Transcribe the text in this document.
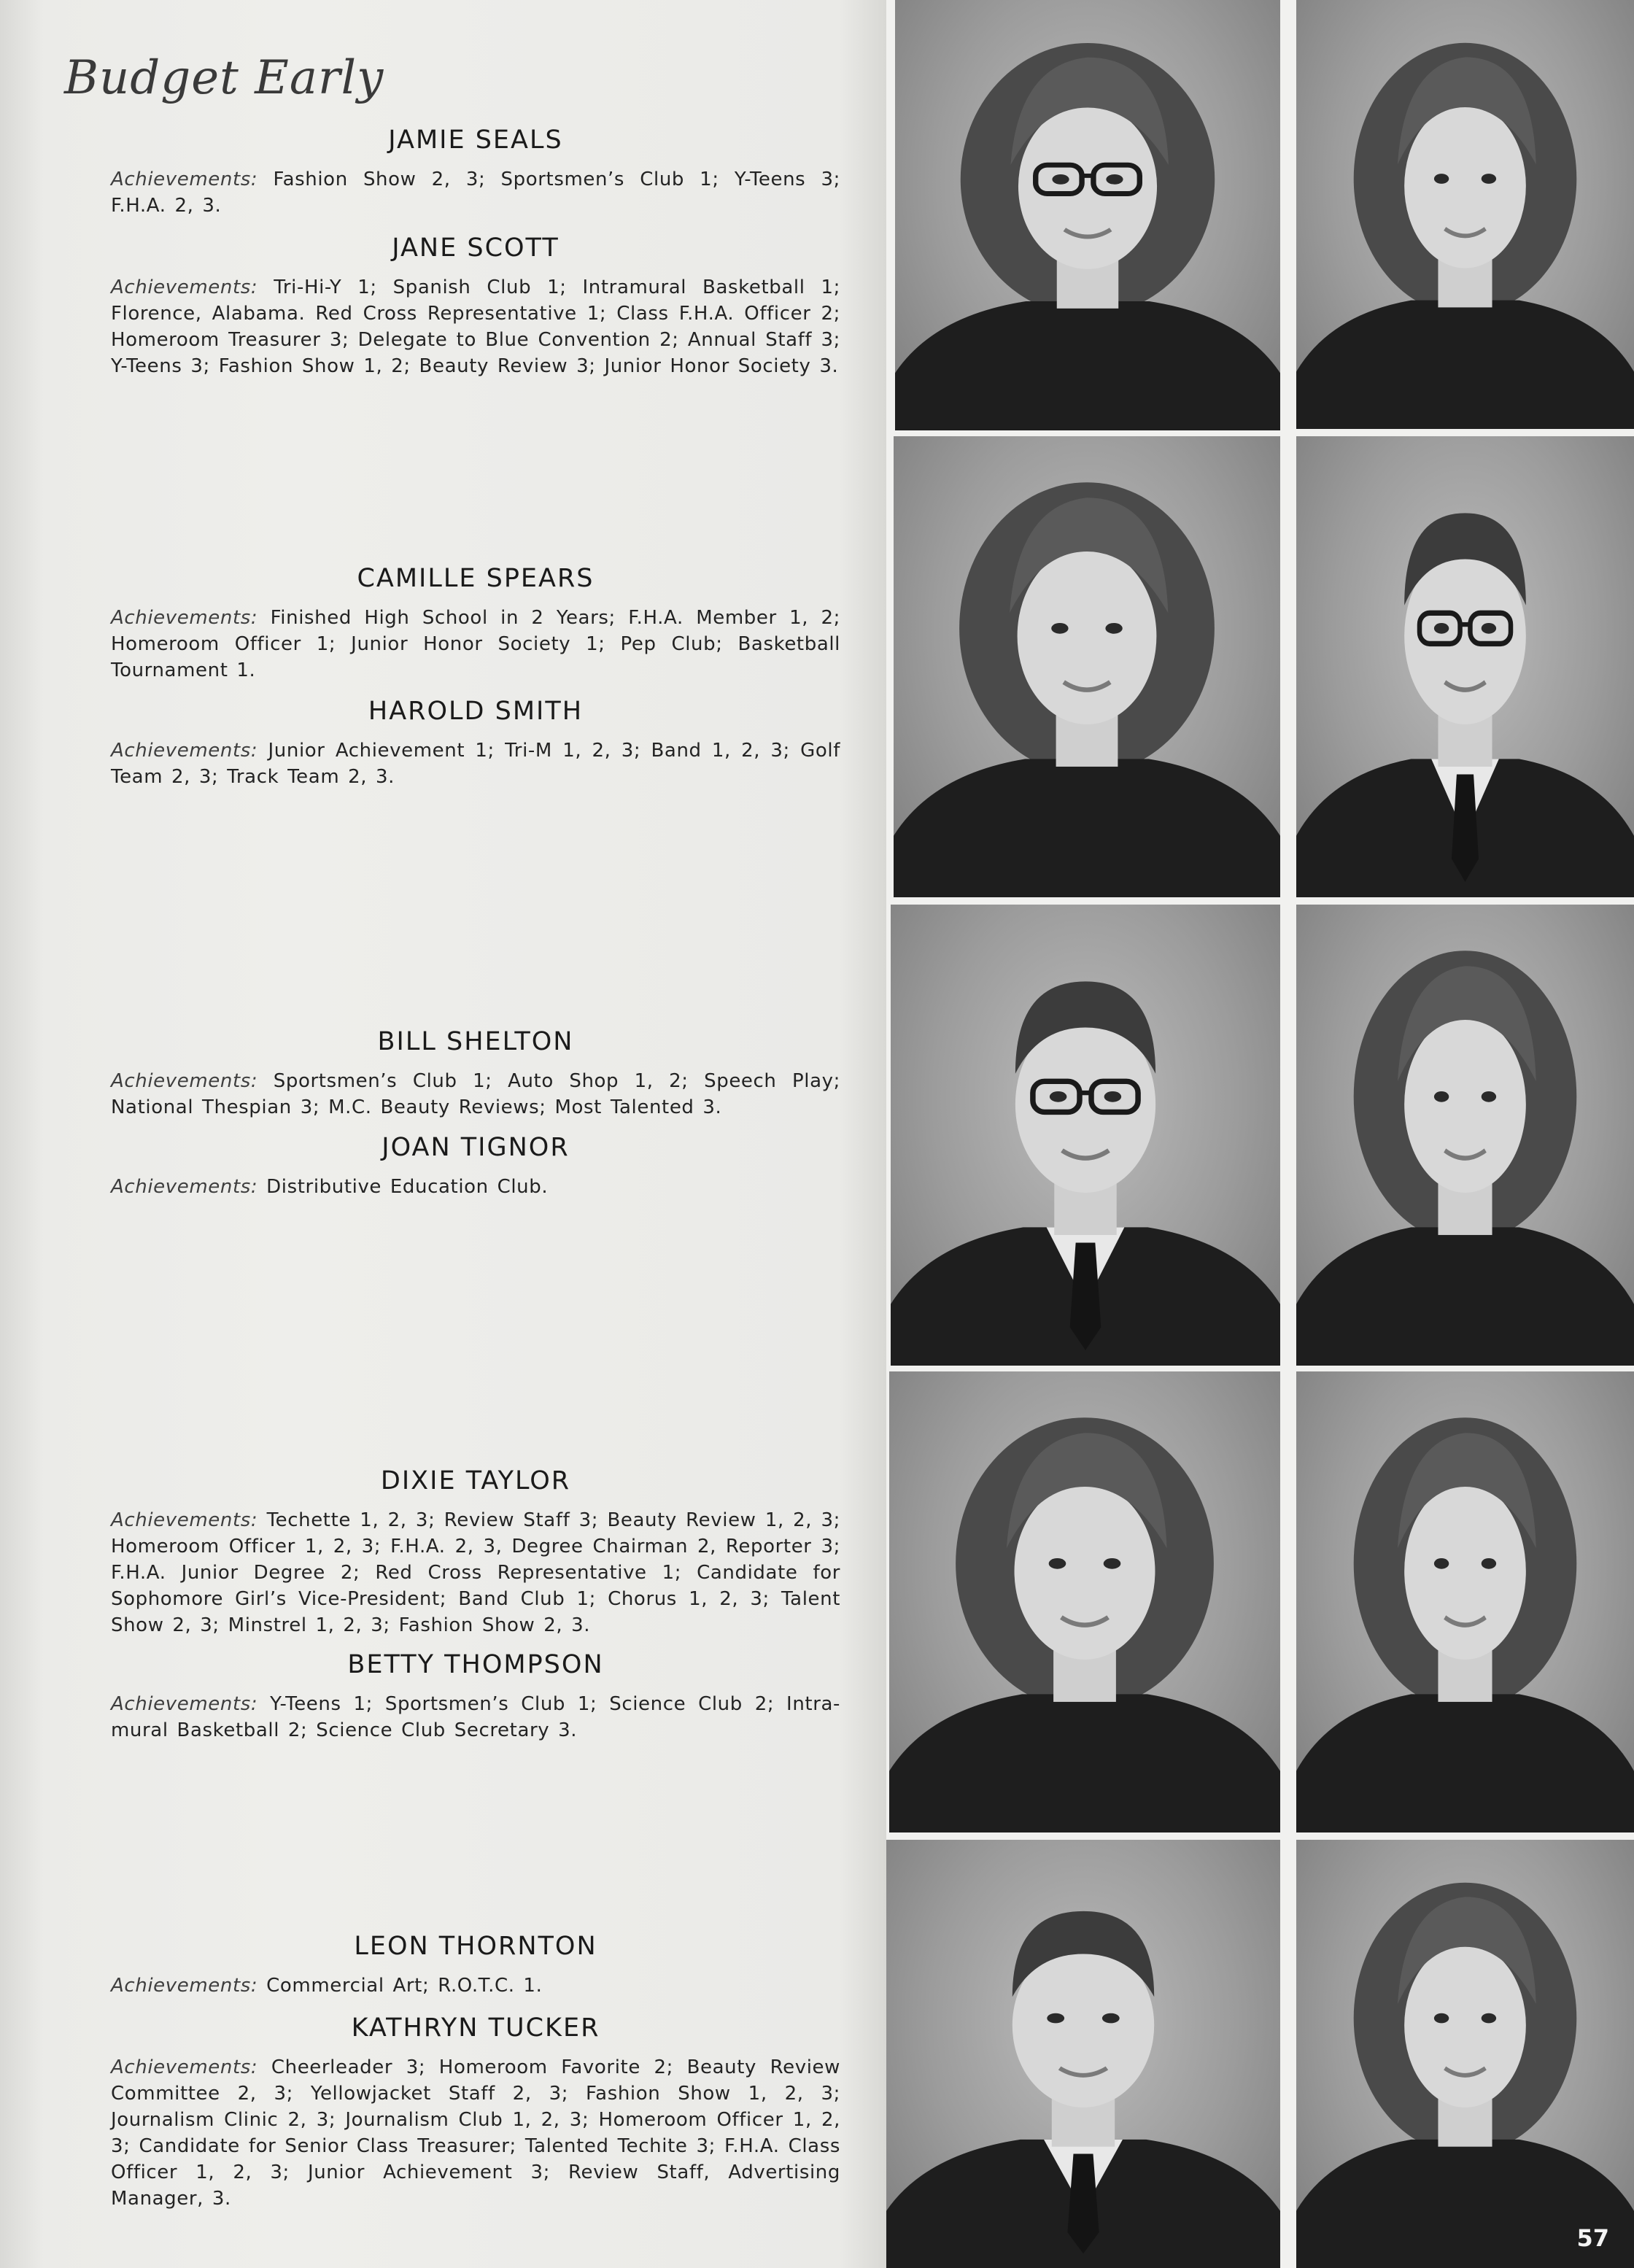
Budget Early
JAMIE SEALS
Achievements: Fashion Show 2, 3; Sportsmen’s Club 1; Y-Teens 3; F.H.A. 2, 3.
JANE SCOTT
Achievements: Tri-Hi-Y 1; Spanish Club 1; Intramural Basketball 1; Florence, Alabama. Red Cross Representative 1; Class F.H.A. Officer 2; Homeroom Treasurer 3; Delegate to Blue Convention 2; Annual Staff 3; Y-Teens 3; Fashion Show 1, 2; Beauty Review 3; Junior Honor Society 3.
CAMILLE SPEARS
Achievements: Finished High School in 2 Years; F.H.A. Member 1, 2; Homeroom Officer 1; Junior Honor Society 1; Pep Club; Basketball Tournament 1.
HAROLD SMITH
Achievements: Junior Achievement 1; Tri-M 1, 2, 3; Band 1, 2, 3; Golf Team 2, 3; Track Team 2, 3.
BILL SHELTON
Achievements: Sportsmen’s Club 1; Auto Shop 1, 2; Speech Play; National Thespian 3; M.C. Beauty Reviews; Most Talented 3.
JOAN TIGNOR
Achievements: Distributive Education Club.
DIXIE TAYLOR
Achievements: Techette 1, 2, 3; Review Staff 3; Beauty Review 1, 2, 3; Homeroom Officer 1, 2, 3; F.H.A. 2, 3, Degree Chairman 2, Reporter 3; F.H.A. Junior Degree 2; Red Cross Representative 1; Candidate for Sophomore Girl’s Vice-President; Band Club 1; Chorus 1, 2, 3; Talent Show 2, 3; Minstrel 1, 2, 3; Fashion Show 2, 3.
BETTY THOMPSON
Achievements: Y-Teens 1; Sportsmen’s Club 1; Science Club 2; Intra-mural Basketball 2; Science Club Secretary 3.
LEON THORNTON
Achievements: Commercial Art; R.O.T.C. 1.
KATHRYN TUCKER
Achievements: Cheerleader 3; Homeroom Favorite 2; Beauty Review Committee 2, 3; Yellowjacket Staff 2, 3; Fashion Show 1, 2, 3; Journalism Clinic 2, 3; Journalism Club 1, 2, 3; Homeroom Officer 1, 2, 3; Candidate for Senior Class Treasurer; Talented Techite 3; F.H.A. Class Officer 1, 2, 3; Junior Achievement 3; Review Staff, Advertising Manager, 3.
57
